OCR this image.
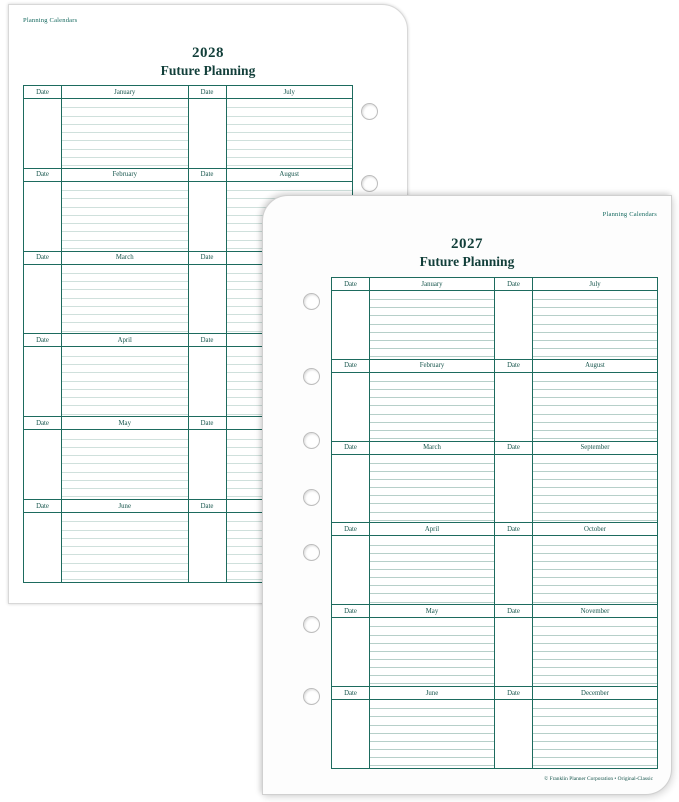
Planning Calendars
2028
Future Planning
Date	January	Date	July
Date	February	Date	August
Date	March	Date
Date	April	Date
Date	May	Date
Date	June	Date
Planning Calendars
2027
Future Planning
Date	January	Date	July
Date	February	Date	August
Date	March	Date	September
Date	April	Date	October
Date	May	Date	November
Date	June	Date	December
© Franklin Planner Corporation • Original-Classic
